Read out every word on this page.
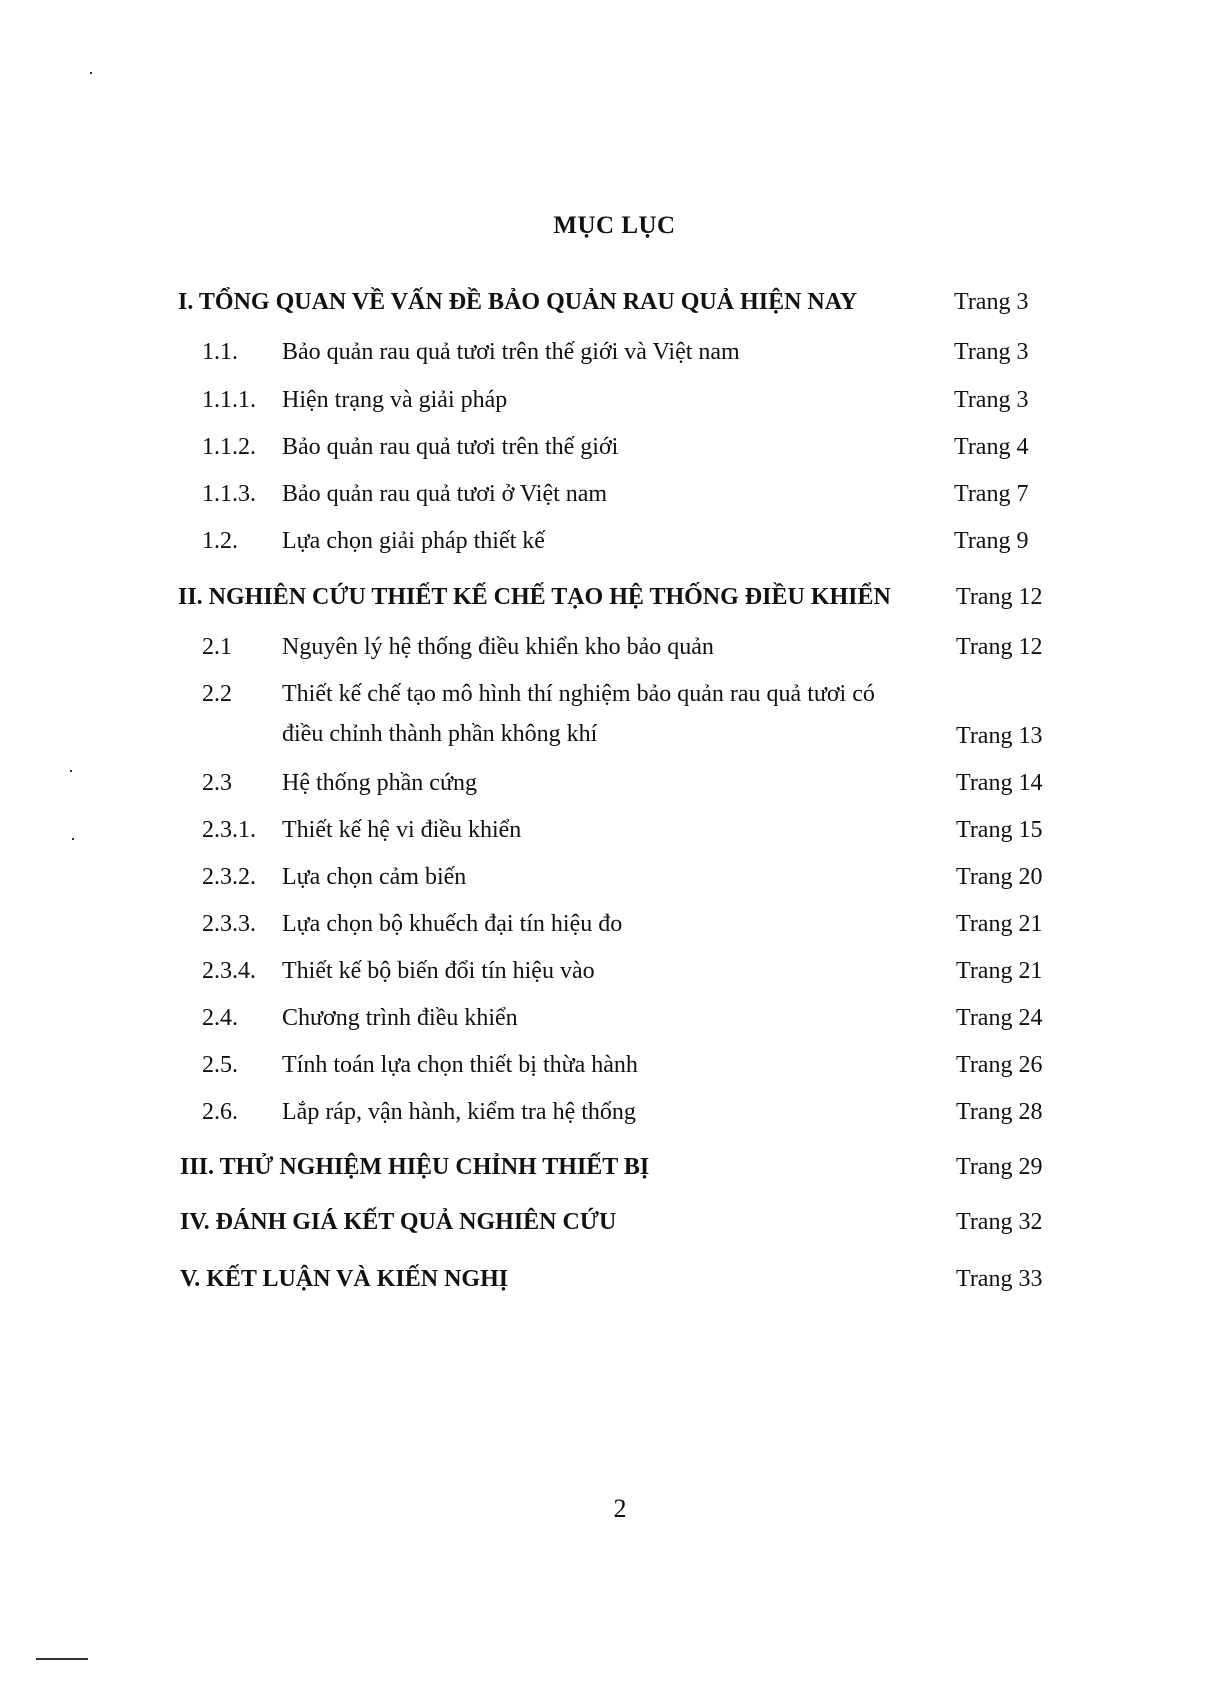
MỤC LỤC
I. TỔNG QUAN VỀ VẤN ĐỀ BẢO QUẢN RAU QUẢ HIỆN NAY	Trang 3
1.1. Bảo quản rau quả tươi trên thế giới và Việt nam	Trang 3
1.1.1. Hiện trạng và giải pháp	Trang 3
1.1.2. Bảo quản rau quả tươi trên thế giới	Trang 4
1.1.3. Bảo quản rau quả tươi ở Việt nam	Trang 7
1.2. Lựa chọn giải pháp thiết kế	Trang 9
II. NGHIÊN CỨU THIẾT KẾ CHẾ TẠO HỆ THỐNG ĐIỀU KHIỂN	Trang 12
2.1 Nguyên lý hệ thống điều khiển kho bảo quản	Trang 12
2.2 Thiết kế chế tạo mô hình thí nghiệm bảo quản rau quả tươi có
điều chỉnh thành phần không khí	Trang 13
2.3 Hệ thống phần cứng	Trang 14
2.3.1. Thiết kế hệ vi điều khiển	Trang 15
2.3.2. Lựa chọn cảm biến	Trang 20
2.3.3. Lựa chọn bộ khuếch đại tín hiệu đo	Trang 21
2.3.4. Thiết kế bộ biến đổi tín hiệu vào	Trang 21
2.4. Chương trình điều khiển	Trang 24
2.5. Tính toán lựa chọn thiết bị thừa hành	Trang 26
2.6. Lắp ráp, vận hành, kiểm tra hệ thống	Trang 28
III. THỬ NGHIỆM HIỆU CHỈNH THIẾT BỊ	Trang 29
IV. ĐÁNH GIÁ KẾT QUẢ NGHIÊN CỨU	Trang 32
V. KẾT LUẬN VÀ KIẾN NGHỊ	Trang 33
2
